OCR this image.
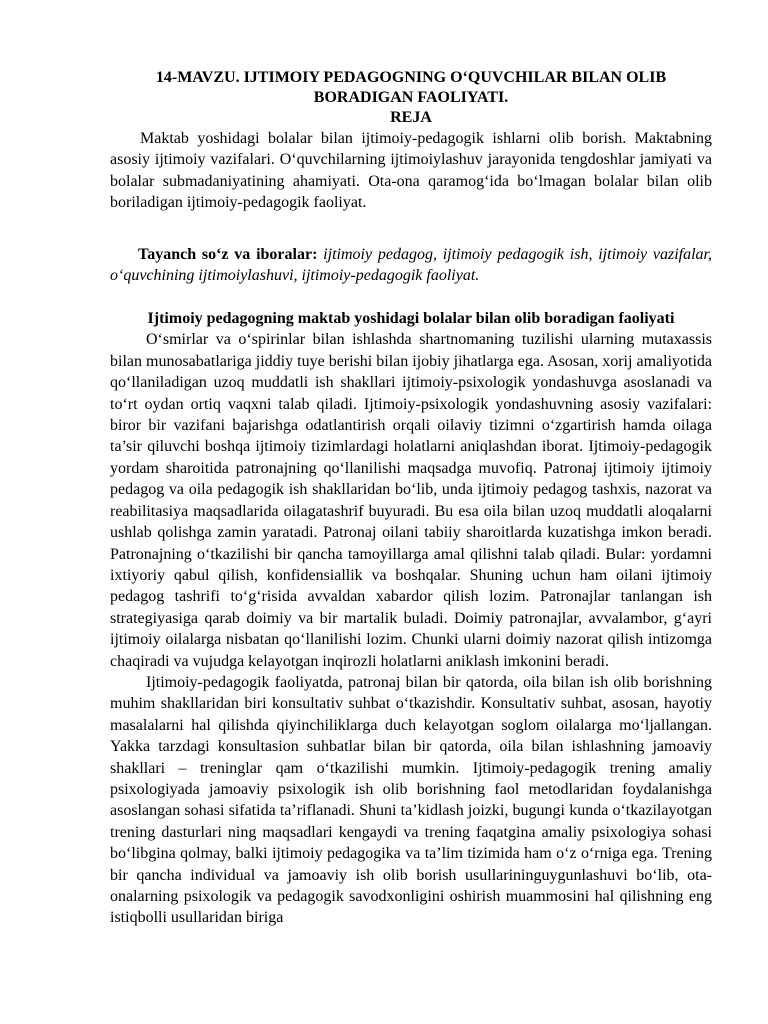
14-MAVZU. IJTIMOIY PEDAGOGNING O‘QUVCHILAR BILAN OLIB BORADIGAN FAOLIYATI.
REJA

Maktab yoshidagi bolalar bilan ijtimoiy-pedagogik ishlarni olib borish. Maktabning asosiy ijtimoiy vazifalari. O‘quvchilarning ijtimoiylashuv jarayonida tengdoshlar jamiyati va bolalar submadaniyatining ahamiyati. Ota-ona qaramog‘ida bo‘lmagan bolalar bilan olib boriladigan ijtimoiy-pedagogik faoliyat.

Tayanch so‘z va iboralar: ijtimoiy pedagog, ijtimoiy pedagogik ish, ijtimoiy vazifalar, o‘quvchining ijtimoiylashuvi, ijtimoiy-pedagogik faoliyat.

Ijtimoiy pedagogning maktab yoshidagi bolalar bilan olib boradigan faoliyati

O‘smirlar va o‘spirinlar bilan ishlashda shartnomaning tuzilishi ularning mutaxassis bilan munosabatlariga jiddiy tuye berishi bilan ijobiy jihatlarga ega. Asosan, xorij amaliyotida qo‘llaniladigan uzoq muddatli ish shakllari ijtimoiy-psixologik yondashuvga asoslanadi va to‘rt oydan ortiq vaqxni talab qiladi. Ijtimoiy-psixologik yondashuvning asosiy vazifalari: biror bir vazifani bajarishga odatlantirish orqali oilaviy tizimni o‘zgartirish hamda oilaga ta’sir qiluvchi boshqa ijtimoiy tizimlardagi holatlarni aniqlashdan iborat. Ijtimoiy-pedagogik yordam sharoitida patronajning qo‘llanilishi maqsadga muvofiq. Patronaj ijtimoiy ijtimoiy pedagog va oila pedagogik ish shakllaridan bo‘lib, unda ijtimoiy pedagog tashxis, nazorat va reabilitasiya maqsadlarida oilagatashrif buyuradi. Bu esa oila bilan uzoq muddatli aloqalarni ushlab qolishga zamin yaratadi. Patronaj oilani tabiiy sharoitlarda kuzatishga imkon beradi. Patronajning o‘tkazilishi bir qancha tamoyillarga amal qilishni talab qiladi. Bular: yordamni ixtiyoriy qabul qilish, konfidensiallik va boshqalar. Shuning uchun ham oilani ijtimoiy pedagog tashrifi to‘g‘risida avvaldan xabardor qilish lozim. Patronajlar tanlangan ish strategiyasiga qarab doimiy va bir martalik buladi. Doimiy patronajlar, avvalambor, g‘ayri ijtimoiy oilalarga nisbatan qo‘llanilishi lozim. Chunki ularni doimiy nazorat qilish intizomga chaqiradi va vujudga kelayotgan inqirozli holatlarni aniklash imkonini beradi.

Ijtimoiy-pedagogik faoliyatda, patronaj bilan bir qatorda, oila bilan ish olib borishning muhim shakllaridan biri konsultativ suhbat o‘tkazishdir. Konsultativ suhbat, asosan, hayotiy masalalarni hal qilishda qiyinchiliklarga duch kelayotgan soglom oilalarga mo‘ljallangan. Yakka tarzdagi konsultasion suhbatlar bilan bir qatorda, oila bilan ishlashning jamoaviy shakllari – treninglar qam o‘tkazilishi mumkin. Ijtimoiy-pedagogik trening amaliy psixologiyada jamoaviy psixologik ish olib borishning faol metodlaridan foydalanishga asoslangan sohasi sifatida ta’riflanadi. Shuni ta’kidlash joizki, bugungi kunda o‘tkazilayotgan trening dasturlari ning maqsadlari kengaydi va trening faqatgina amaliy psixologiya sohasi bo‘libgina qolmay, balki ijtimoiy pedagogika va ta’lim tizimida ham o‘z o‘rniga ega. Trening bir qancha individual va jamoaviy ish olib borish usullarininguygunlashuvi bo‘lib, ota-onalarning psixologik va pedagogik savodxonligini oshirish muammosini hal qilishning eng istiqbolli usullaridan biriga
